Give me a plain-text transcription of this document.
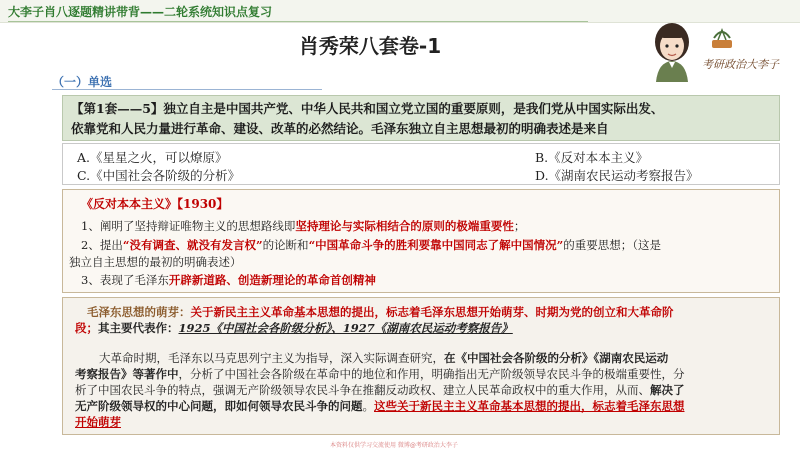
大李子肖八逐题精讲带背——二轮系统知识点复习
肖秀荣八套卷-1
考研政治大李子
（一）单选
【第1套——5】独立自主是中国共产党、中华人民共和国立党立国的重要原则，是我们党从中国实际出发、
依靠党和人民力量进行革命、建设、改革的必然结论。毛泽东独立自主思想最初的明确表述是来自
A.《星星之火，可以燎原》	B.《反对本本主义》
C.《中国社会各阶级的分析》	D.《湖南农民运动考察报告》
《反对本本主义》【1930】
1、阐明了坚持辩证唯物主义的思想路线即坚持理论与实际相结合的原则的极端重要性；
2、提出“没有调查、就没有发言权”的论断和“中国革命斗争的胜利要靠中国同志了解中国情况”的重要思想；（这是
独立自主思想的最初的明确表述）
3、表现了毛泽东开辟新道路、创造新理论的革命首创精神
毛泽东思想的萌芽：关于新民主主义革命基本思想的提出，标志着毛泽东思想开始萌芽、时期为党的创立和大革命阶
段；其主要代表作：1925《中国社会各阶级分析》、1927《湖南农民运动考察报告》
大革命时期，毛泽东以马克思列宁主义为指导，深入实际调查研究，在《中国社会各阶级的分析》《湖南农民运动
考察报告》等著作中，分析了中国社会各阶级在革命中的地位和作用，明确指出无产阶级领导农民斗争的极端重要性，分
析了中国农民斗争的特点，强调无产阶级领导农民斗争在推翻反动政权、建立人民革命政权中的重大作用，从而、解决了
无产阶级领导权的中心问题，即如何领导农民斗争的问题。这些关于新民主主义革命基本思想的提出，标志着毛泽东思想
开始萌芽
本资料仅供学习交流使用 微博@考研政治大李子
